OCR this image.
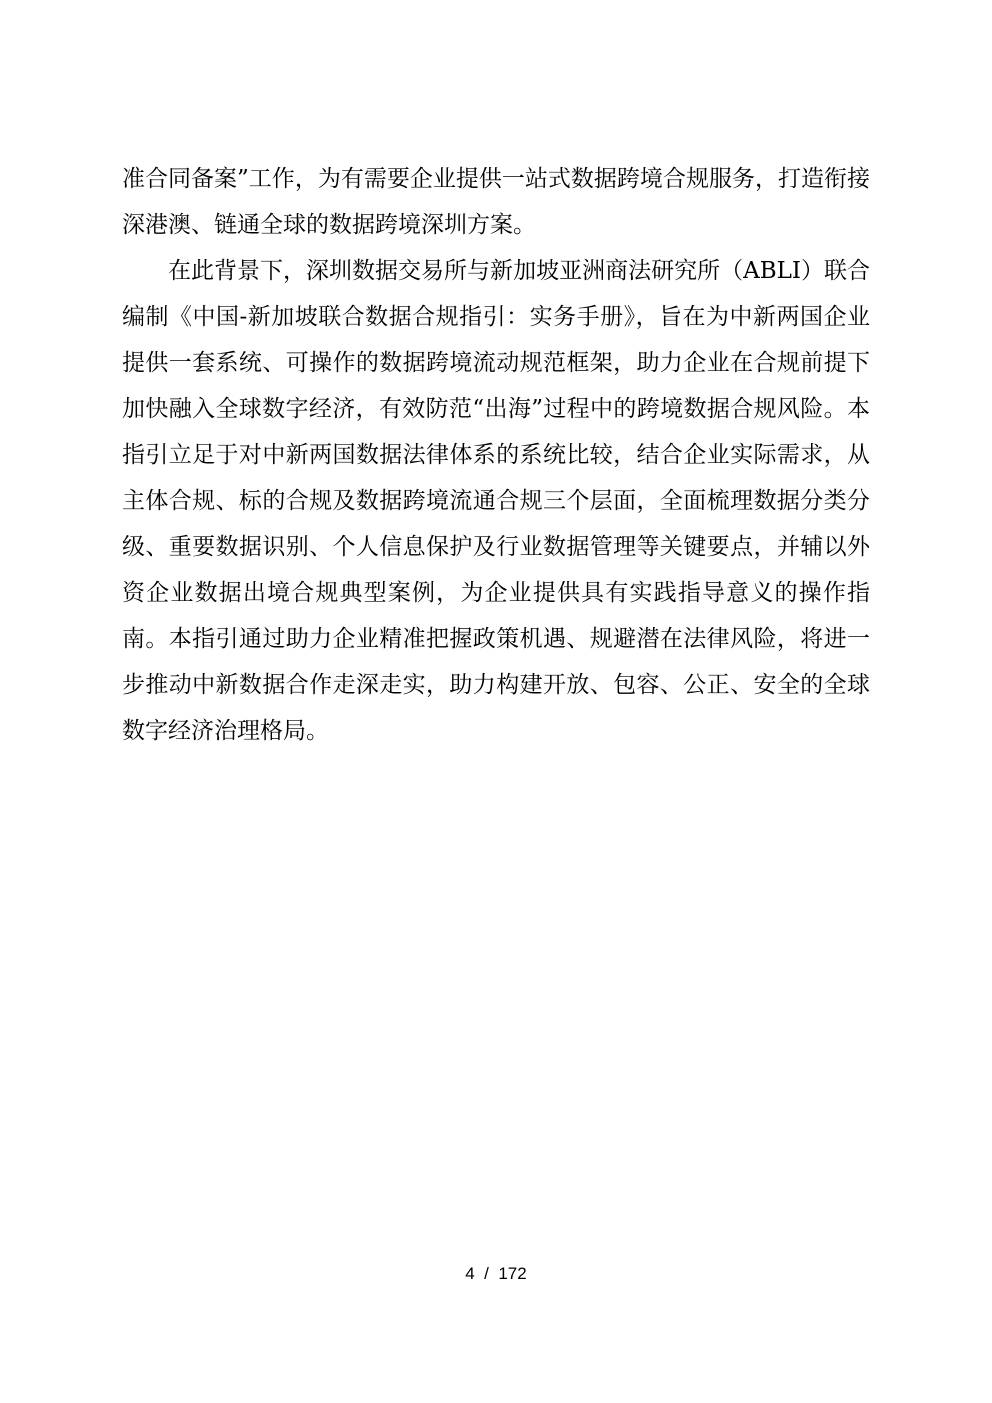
准合同备案”工作，为有需要企业提供一站式数据跨境合规服务，打造衔接深港澳、链通全球的数据跨境深圳方案。

在此背景下，深圳数据交易所与新加坡亚洲商法研究所（ABLI）联合编制《中国-新加坡联合数据合规指引：实务手册》，旨在为中新两国企业提供一套系统、可操作的数据跨境流动规范框架，助力企业在合规前提下加快融入全球数字经济，有效防范“出海”过程中的跨境数据合规风险。本指引立足于对中新两国数据法律体系的系统比较，结合企业实际需求，从主体合规、标的合规及数据跨境流通合规三个层面，全面梳理数据分类分级、重要数据识别、个人信息保护及行业数据管理等关键要点，并辅以外资企业数据出境合规典型案例，为企业提供具有实践指导意义的操作指南。本指引通过助力企业精准把握政策机遇、规避潜在法律风险，将进一步推动中新数据合作走深走实，助力构建开放、包容、公正、安全的全球数字经济治理格局。

4  /  172
